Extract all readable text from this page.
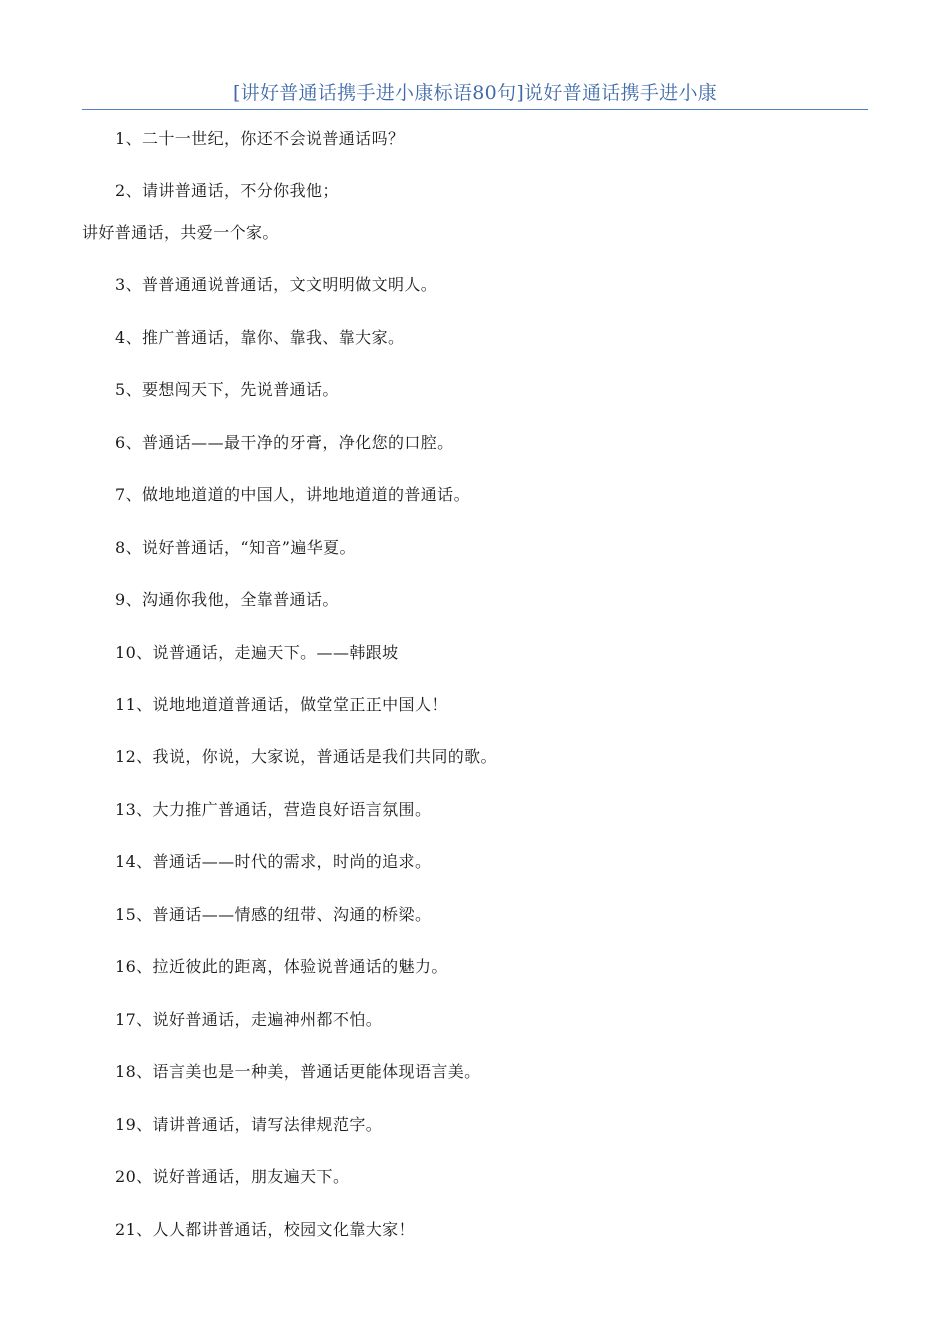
[讲好普通话携手进小康标语80句]说好普通话携手进小康
1、二十一世纪，你还不会说普通话吗？
2、请讲普通话，不分你我他；
讲好普通话，共爱一个家。
3、普普通通说普通话，文文明明做文明人。
4、推广普通话，靠你、靠我、靠大家。
5、要想闯天下，先说普通话。
6、普通话——最干净的牙膏，净化您的口腔。
7、做地地道道的中国人，讲地地道道的普通话。
8、说好普通话，“知音”遍华夏。
9、沟通你我他，全靠普通话。
10、说普通话，走遍天下。——韩跟坡
11、说地地道道普通话，做堂堂正正中国人！
12、我说，你说，大家说，普通话是我们共同的歌。
13、大力推广普通话，营造良好语言氛围。
14、普通话——时代的需求，时尚的追求。
15、普通话——情感的纽带、沟通的桥梁。
16、拉近彼此的距离，体验说普通话的魅力。
17、说好普通话，走遍神州都不怕。
18、语言美也是一种美，普通话更能体现语言美。
19、请讲普通话，请写法律规范字。
20、说好普通话，朋友遍天下。
21、人人都讲普通话，校园文化靠大家！
